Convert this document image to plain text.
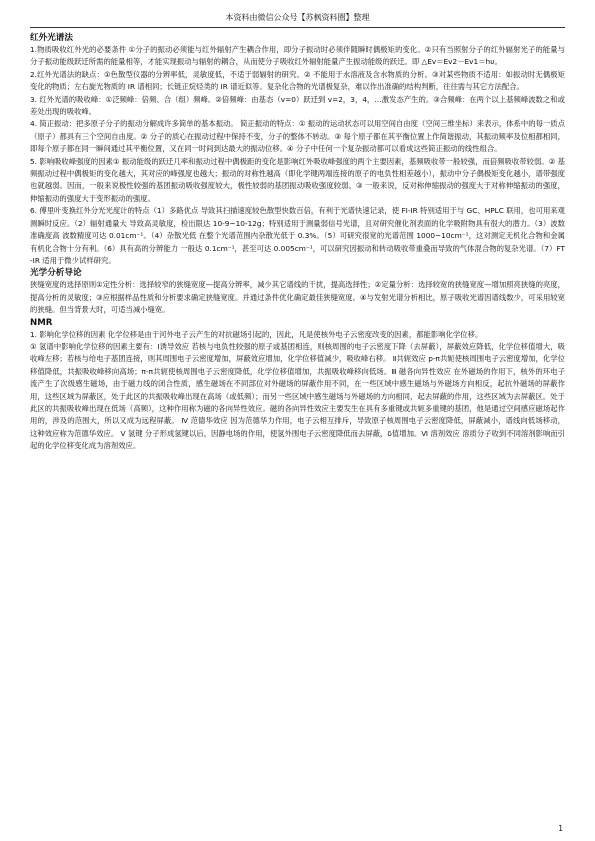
本资料由微信公众号【苏枫资料圈】整理
红外光谱法

1.物质吸收红外光的必要条件 ①分子的振动必须能与红外辐射产生耦合作用，即分子振动时必须伴随瞬时偶极矩的变化。②只有当照射分子的红外辐射光子的能量与分子振动能级跃迁所需的能量相等，才能实现振动与辐射的耦合，从而使分子吸收红外辐射能量产生振动能级的跃迁。即 △Ev＝Ev2－Ev1＝hυ。

2.红外光谱法的缺点：①色散型仪器的分辨率低，灵敏度低，不适于弱辐射的研究。② 不能用于水溶液及含水物质的分析。③对某些物质不适用：如振动时无偶极矩变化的物质；左右旋光物质的 IR 谱相同；长链正烷烃类的 IR 谱近似等。复杂化合物的光谱极复杂，难以作出准确的结构判断，往往需与其它方法配合。

3. 红外光谱的吸收峰：①泛频峰：倍频、合（组）频峰。②倍频峰：由基态（v=0）跃迁到 v=2，3，4，…激发态产生的。③合频峰：在两个以上基频峰波数之和或差处出现的吸收峰。

4. 简正振动：把多原子分子的振动分解成许多简单的基本振动。 简正振动的特点：① 振动的运动状态可以用空间自由度（空间三维坐标）来表示，体系中的每一质点（原子）都具有三个空间自由度。② 分子的质心在振动过程中保持不变，分子的整体不转动。③ 每个原子都在其平衡位置上作简谐振动，其振动频率及位相都相同，即每个原子都在同一瞬间通过其平衡位置，又在同一时间到达最大的振动位移。④ 分子中任何一个复杂振动都可以看成这些简正振动的线性组合。

5. 影响吸收峰强度的因素① 振动能级的跃迁几率和振动过程中偶极距的变化是影响红外吸收峰强度的两个主要因素，基频吸收带一般较强，而倍频吸收带较弱。② 基频振动过程中偶极矩的变化越大，其对应的峰强度也越大；振动的对称性越高（即化学键两端连接的原子的电负性相差越小），振动中分子偶极矩变化越小，谱带强度也就越弱。因而，一般来说极性较强的基团振动吸收强度较大，极性较弱的基团振动吸收强度较弱。③ 一般来说，反对称伸缩振动的强度大于对称伸缩振动的强度，伸缩振动的强度大于变形振动的强度。

6. 傅里叶变换红外分光光度计的特点（1）多路优点 导致其扫描速度较色散型快数百倍，有利于光谱快速记录，使 FI-IR 特别适用于与 GC、HPLC 联用，也可用来观测瞬时反应。（2）辐射通量大 导致高灵敏度，检出限达 10-9~10-12g；特别适用于测量弱信号光谱，且对研究催化剂表面的化学吸附物具有很大的潜力。（3）波数准确度高 波数精度可达 0.01cm⁻¹。（4）杂散光低 在整个光谱范围内杂散光低于 0.3%。（5）可研究很宽的光谱范围 1000~10cm⁻¹，这对测定无机化合物和金属有机化合物十分有利。（6）具有高的分辨能力 一般达 0.1cm⁻¹，甚至可达 0.005cm⁻¹，可以研究因振动和转动吸收带重叠而导致的气体混合物的复杂光谱。（7）FT-IR 适用于微少试样研究。

光学分析导论

狭缝宽度的选择原则①定性分析：选择较窄的狭缝宽度—提高分辨率，减少其它谱线的干扰，提高选择性；②定量分析：选择较宽的狭缝宽度—增加照亮狭缝的亮度，提高分析的灵敏度；③应根据样品性质和分析要求确定狭缝宽度。并通过条件优化确定最佳狭缝宽度。④与发射光谱分析相比，原子吸收光谱因谱线数少，可采用较宽的狭缝。但当背景大时，可适当减小缝宽。

NMR

1. 影响化学位移的因素 化学位移是由于河外电子云产生的对抗磁场引起的，因此，凡是使核外电子云密度改变的因素，都能影响化学位移。

① 氢谱中影响化学位移的因素主要有：Ⅰ诱导效应 若核与电负性较强的原子或基团相连，则核周围的电子云密度下降（去屏蔽），屏蔽效应降低，化学位移值增大，吸收峰左移；若核与给电子基团连接，则其周围电子云密度增加，屏蔽效应增加，化学位移值减少，吸收峰右移。 Ⅱ共轭效应 p-π共轭使核周围电子云密度增加，化学位移值降低，共振吸收峰移向高场；π-π共轭使核周围电子云密度降低，化学位移值增加，共振吸收峰移向低场。Ⅲ 磁各向异性效应 在外磁场的作用下，核外的环电子流产生了次级感生磁场，由于磁力线的闭合性质，感生磁场在不同部位对外磁场的屏蔽作用不同，在一些区域中感生磁场与外磁场方向相反，起抗外磁场的屏蔽作用，这些区域为屏蔽区，处于此区的共振吸收峰出现在高场（或低频）；而另一些区域中感生磁场与外磁场的方向相同，起去屏蔽的作用，这些区域为去屏蔽区。处于此区的共振吸收峰出现在低场（高频），这种作用称为磁的各向异性效应。磁的各向异性效应主要发生在具有多重键或共轭多重键的基团，他是通过空间感应磁场起作用的，涉及的范围大，所以又成为远程屏蔽。 Ⅳ 范德华效应 因为范德华力作用，电子云相互排斥，导致原子核周围电子云密度降低，屏蔽减小，谱线向低场移动，这种效应称为范德华效应。 Ⅴ 氢键 分子形成氢键以后，因静电场的作用，使氢外围电子云密度降低而去屏蔽，δ值增加。Ⅵ 溶剂效应 溶质分子收到不同溶剂影响而引起的化学位移变化成为溶剂效应。

1
